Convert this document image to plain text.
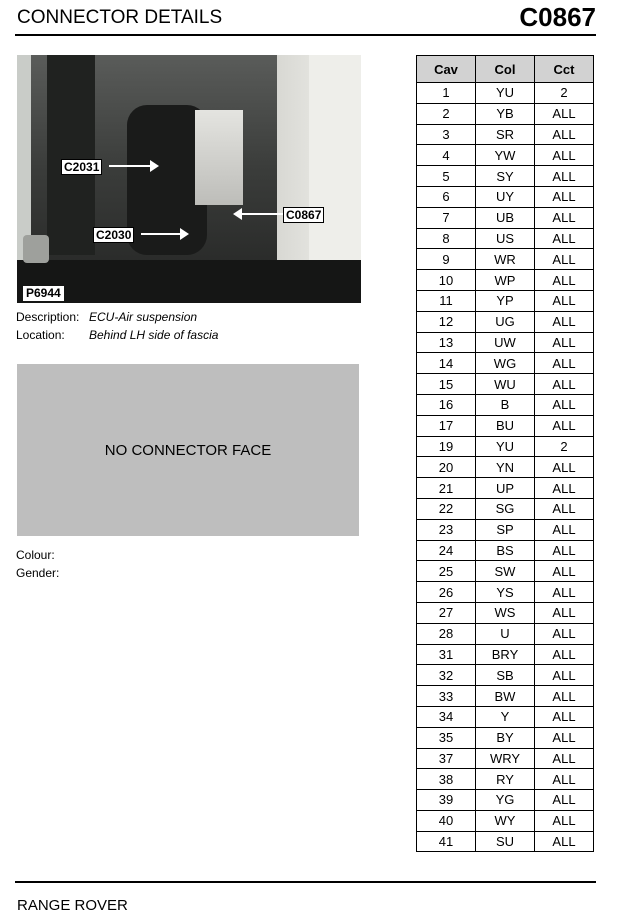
CONNECTOR DETAILS	C0867
C2031
C0867
C2030
P6944
Description: ECU-Air suspension
Location: Behind LH side of fascia
NO CONNECTOR FACE
Colour:
Gender:
Cav	Col	Cct
1	YU	2
2	YB	ALL
3	SR	ALL
4	YW	ALL
5	SY	ALL
6	UY	ALL
7	UB	ALL
8	US	ALL
9	WR	ALL
10	WP	ALL
11	YP	ALL
12	UG	ALL
13	UW	ALL
14	WG	ALL
15	WU	ALL
16	B	ALL
17	BU	ALL
19	YU	2
20	YN	ALL
21	UP	ALL
22	SG	ALL
23	SP	ALL
24	BS	ALL
25	SW	ALL
26	YS	ALL
27	WS	ALL
28	U	ALL
31	BRY	ALL
32	SB	ALL
33	BW	ALL
34	Y	ALL
35	BY	ALL
37	WRY	ALL
38	RY	ALL
39	YG	ALL
40	WY	ALL
41	SU	ALL
RANGE ROVER
